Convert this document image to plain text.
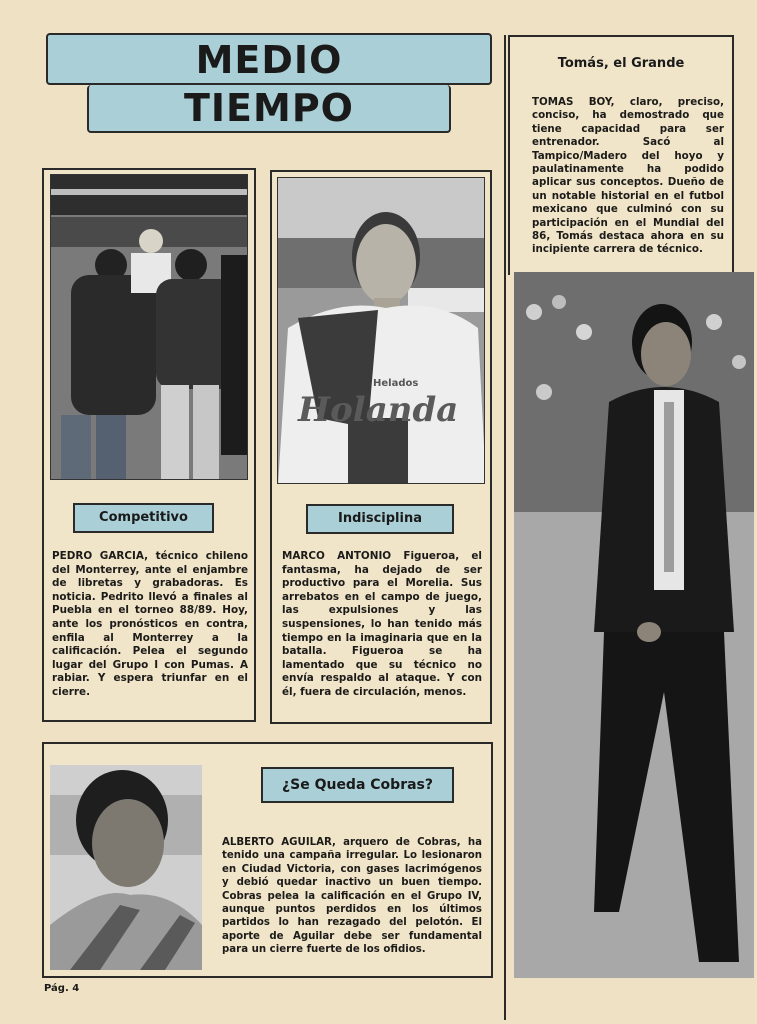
MEDIO
TIEMPO
Competitivo
PEDRO GARCIA, técnico chileno del Monterrey, ante el enjambre de libretas y grabadoras. Es noticia. Pedrito llevó a finales al Puebla en el torneo 88/89. Hoy, ante los pronósticos en contra, enfila al Monterrey a la calificación. Pelea el segundo lugar del Grupo I con Pumas. A rabiar. Y espera triunfar en el cierre.
Helados
Holanda
Indisciplina
MARCO ANTONIO Figueroa, el fantasma, ha dejado de ser productivo para el Morelia. Sus arrebatos en el campo de juego, las expulsiones y las suspensiones, lo han tenido más tiempo en la imaginaria que en la batalla. Figueroa se ha lamentado que su técnico no envía respaldo al ataque. Y con él, fuera de circulación, menos.
¿Se Queda Cobras?
ALBERTO AGUILAR, arquero de Cobras, ha tenido una campaña irregular. Lo lesionaron en Ciudad Victoria, con gases lacrimógenos y debió quedar inactivo un buen tiempo. Cobras pelea la calificación en el Grupo IV, aunque puntos perdidos en los últimos partidos lo han rezagado del pelotón. El aporte de Aguilar debe ser fundamental para un cierre fuerte de los ofidios.
Tomás, el Grande
TOMAS BOY, claro, preciso, conciso, ha demostrado que tiene capacidad para ser entrenador. Sacó al Tampico/Madero del hoyo y paulatinamente ha podido aplicar sus conceptos. Dueño de un notable historial en el futbol mexicano que culminó con su participación en el Mundial del 86, Tomás destaca ahora en su incipiente carrera de técnico.
Pág. 4
